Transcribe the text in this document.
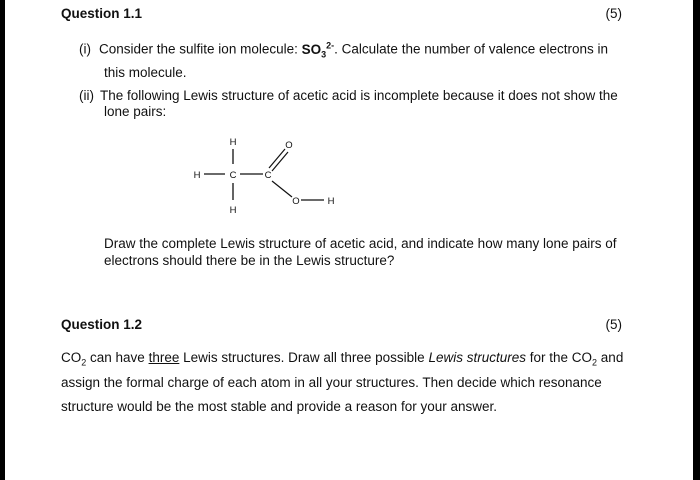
Question 1.1	(5)
(i) Consider the sulfite ion molecule: $SO_3^{2-}$. Calculate the number of valence electrons in
this molecule.
(ii) The following Lewis structure of acetic acid is incomplete because it does not show the
lone pairs:
H
H	C	C
O
O	H
H
Draw the complete Lewis structure of acetic acid, and indicate how many lone pairs of
electrons should there be in the Lewis structure?
Question 1.2	(5)
$CO_2$ can have three Lewis structures. Draw all three possible Lewis structures for the $CO_2$ and
assign the formal charge of each atom in all your structures. Then decide which resonance
structure would be the most stable and provide a reason for your answer.
